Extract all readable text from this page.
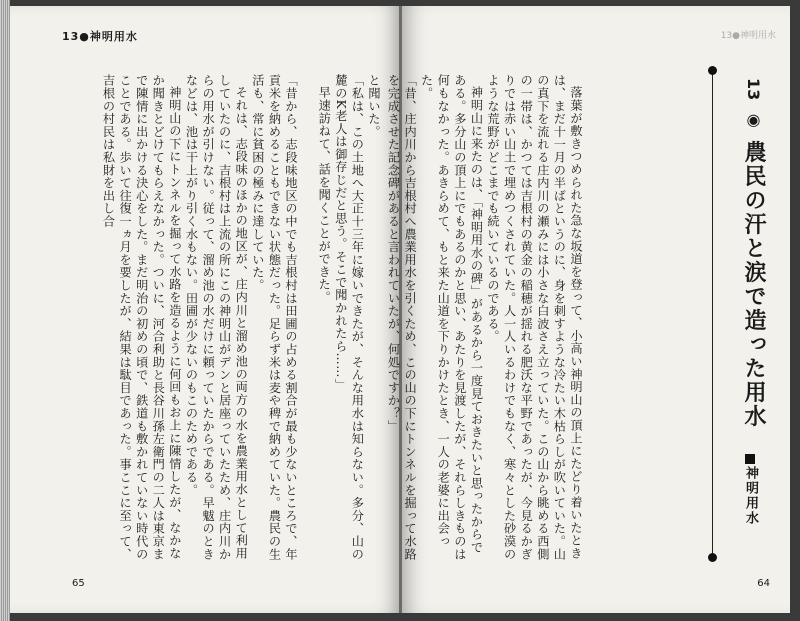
13●神明用水

と聞いた。

「私は、この土地へ大正十三年に嫁いできたが、そんな用水は知らない。多分、山の麓のK老人は御存じだと思う。そこで聞かれたら……」

早速訪ねて、話を聞くことができた。

「昔から、志段味地区の中でも吉根村は田圃の占める割合が最も少ないところで、年貢米を納めることもできない状態だった。足らず米は麦や稗で納めていた。農民の生活も、常に貧困の極みに達していた。

それは、志段味のほかの地区が、庄内川と溜め池の両方の水を農業用水として利用していたのに、吉根村は上流の所にこの神明山がデンと居座っていたため、庄内川からの用水が引けない。従って、溜め池の水だけに頼っていたからである。早魃のときなどは、池は干上がり引く水もない。田圃が少ないのもこのためである。

神明山の下にトンネルを掘って水路を造るように何回もお上に陳情したが、なかなか聞きとどけてもらえなかった。ついに、河合利助と長谷川孫左衛門の二人は東京まで陳情に出かける決心をした。まだ明治の初めの頃で、鉄道も敷かれていない時代のことである。歩いて往復一ヵ月を要したが、結果は駄目であった。事ここに至って、吉根の村民は私財を出し合

65
13●神明用水
13 ◉ 農民の汗と涙で造った用水
神明用水

落葉が敷きつめられた急な坂道を登って、小高い神明山の頂上にたどり着いたときは、まだ十一月の半ばというのに、身を刺すような冷たい木枯らしが吹いていた。山の真下を流れる庄内川の瀬みには小さな白波さえ立っていた。この山から眺める西側の一帯は、かつては吉根村の黄金の稲穂が揺れる肥沃な平野であったが、今見るかぎりでは赤い山土で埋めつくされていた。人一人いるわけでもなく、寒々とした砂漠のような荒野がどこまでも続いているのである。

神明山に来たのは、「神明用水の碑」があるから一度見ておきたいと思ったからである。多分山の頂上にでもあるのかと思い、あたりを見渡したが、それらしきものは何もなかった。あきらめて、もと来た山道を下りかけたとき、一人の老婆に出会った。

「昔、庄内川から吉根村へ農業用水を引くため、この山の下にトンネルを掘って水路を完成させた記念碑があると言われていたが、何処ですか？」

64
